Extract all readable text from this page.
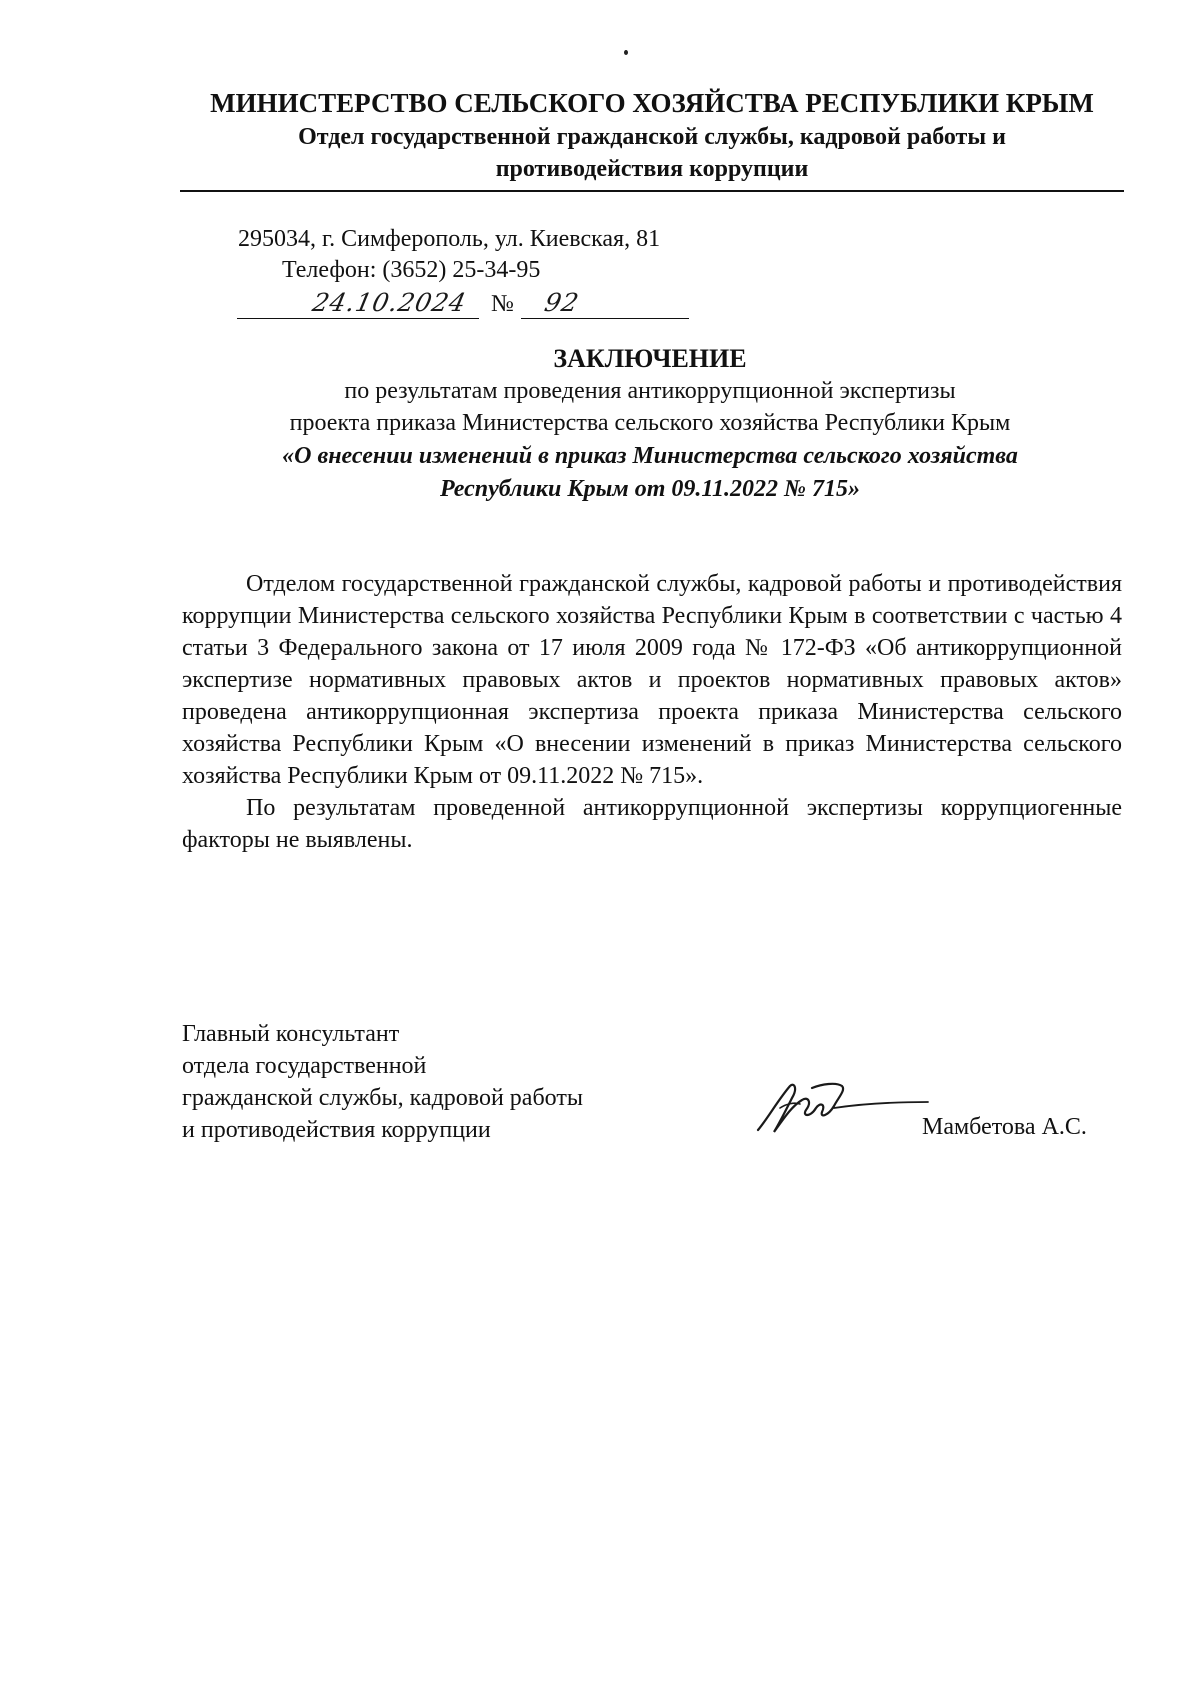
МИНИСТЕРСТВО СЕЛЬСКОГО ХОЗЯЙСТВА РЕСПУБЛИКИ КРЫМ
Отдел государственной гражданской службы, кадровой работы и
противодействия коррупции
295034, г. Симферополь, ул. Киевская, 81
Телефон: (3652) 25-34-95
24.10.2024 № 92
ЗАКЛЮЧЕНИЕ
по результатам проведения антикоррупционной экспертизы
проекта приказа Министерства сельского хозяйства Республики Крым
«О внесении изменений в приказ Министерства сельского хозяйства
Республики Крым от 09.11.2022 № 715»

Отделом государственной гражданской службы, кадровой работы и противодействия коррупции Министерства сельского хозяйства Республики Крым в соответствии с частью 4 статьи 3 Федерального закона от 17 июля 2009 года № 172-ФЗ «Об антикоррупционной экспертизе нормативных правовых актов и проектов нормативных правовых актов» проведена антикоррупционная экспертиза проекта приказа Министерства сельского хозяйства Республики Крым «О внесении изменений в приказ Министерства сельского хозяйства Республики Крым от 09.11.2022 № 715».

По результатам проведенной антикоррупционной экспертизы коррупциогенные факторы не выявлены.

Главный консультант
отдела государственной
гражданской службы, кадровой работы
и противодействия коррупции	Мамбетова А.С.
